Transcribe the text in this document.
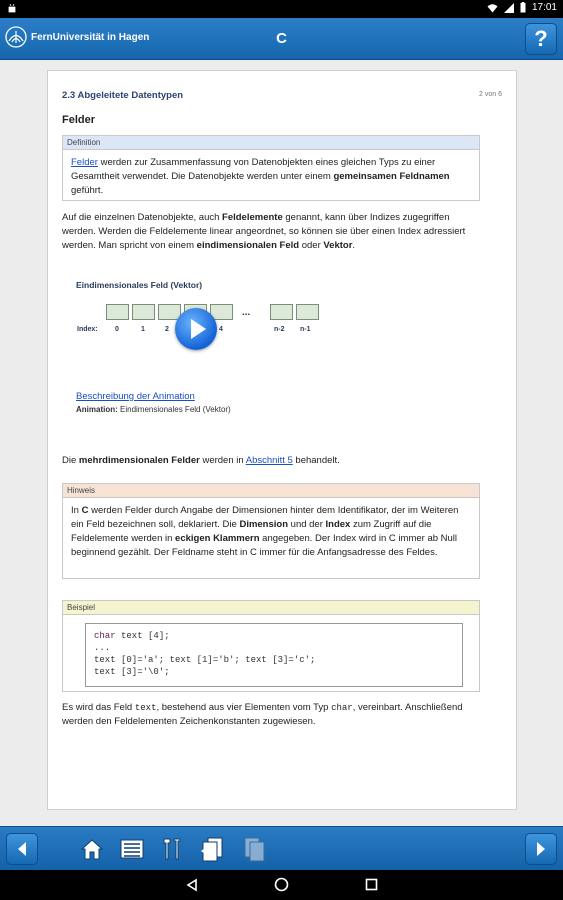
17:01
FernUniversität in Hagen	C	?
2.3 Abgeleitete Datentypen	2 von 6
Felder
Definition
Felder werden zur Zusammenfassung von Datenobjekten eines gleichen Typs zu einer Gesamtheit verwendet. Die Datenobjekte werden unter einem gemeinsamen Feldnamen geführt.

Auf die einzelnen Datenobjekte, auch Feldelemente genannt, kann über Indizes zugegriffen werden. Werden die Feldelemente linear angeordnet, so können sie über einen Index adressiert werden. Man spricht von einem eindimensionalen Feld oder Vektor.

Eindimensionales Feld (Vektor)
...
Index: 0	1	2	4	n-2 n-1
Beschreibung der Animation
Animation: Eindimensionales Feld (Vektor)

Die mehrdimensionalen Felder werden in Abschnitt 5 behandelt.

Hinweis
In C werden Felder durch Angabe der Dimensionen hinter dem Identifikator, der im Weiteren ein Feld bezeichnen soll, deklariert. Die Dimension und der Index zum Zugriff auf die Feldelemente werden in eckigen Klammern angegeben. Der Index wird in C immer ab Null beginnend gezählt. Der Feldname steht in C immer für die Anfangsadresse des Feldes.
Beispiel
char text [4];
...
text [0]='a'; text [1]='b'; text [3]='c';
text [3]='\0';

Es wird das Feld text, bestehend aus vier Elementen vom Typ char, vereinbart. Anschließend werden den Feldelementen Zeichenkonstanten zugewiesen.
